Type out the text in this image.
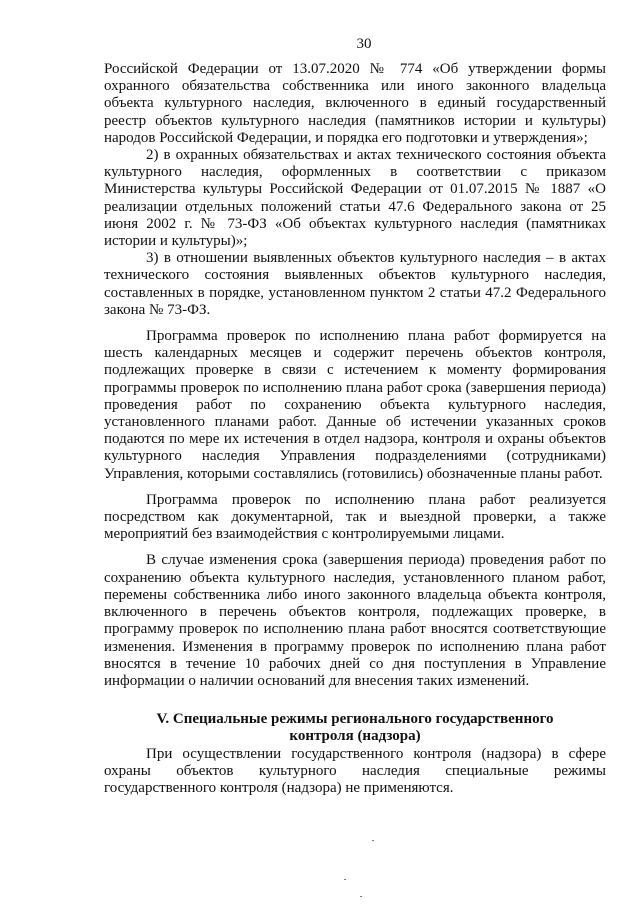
30

Российской Федерации от 13.07.2020 № 774 «Об утверждении формы охранного обязательства собственника или иного законного владельца объекта культурного наследия, включенного в единый государственный реестр объектов культурного наследия (памятников истории и культуры) народов Российской Федерации, и порядка его подготовки и утверждения»;

2) в охранных обязательствах и актах технического состояния объекта культурного наследия, оформленных в соответствии с приказом Министерства культуры Российской Федерации от 01.07.2015 № 1887 «О реализации отдельных положений статьи 47.6 Федерального закона от 25 июня 2002 г. № 73-ФЗ «Об объектах культурного наследия (памятниках истории и культуры)»;

3) в отношении выявленных объектов культурного наследия – в актах технического состояния выявленных объектов культурного наследия, составленных в порядке, установленном пунктом 2 статьи 47.2 Федерального закона № 73-ФЗ.

Программа проверок по исполнению плана работ формируется на шесть календарных месяцев и содержит перечень объектов контроля, подлежащих проверке в связи с истечением к моменту формирования программы проверок по исполнению плана работ срока (завершения периода) проведения работ по сохранению объекта культурного наследия, установленного планами работ. Данные об истечении указанных сроков подаются по мере их истечения в отдел надзора, контроля и охраны объектов культурного наследия Управления подразделениями (сотрудниками) Управления, которыми составлялись (готовились) обозначенные планы работ.

Программа проверок по исполнению плана работ реализуется посредством как документарной, так и выездной проверки, а также мероприятий без взаимодействия с контролируемыми лицами.

В случае изменения срока (завершения периода) проведения работ по сохранению объекта культурного наследия, установленного планом работ, перемены собственника либо иного законного владельца объекта контроля, включенного в перечень объектов контроля, подлежащих проверке, в программу проверок по исполнению плана работ вносятся соответствующие изменения. Изменения в программу проверок по исполнению плана работ вносятся в течение 10 рабочих дней со дня поступления в Управление информации о наличии оснований для внесения таких изменений.

V. Специальные режимы регионального государственного
контроля (надзора)

При осуществлении государственного контроля (надзора) в сфере охраны объектов культурного наследия специальные режимы государственного контроля (надзора) не применяются.
